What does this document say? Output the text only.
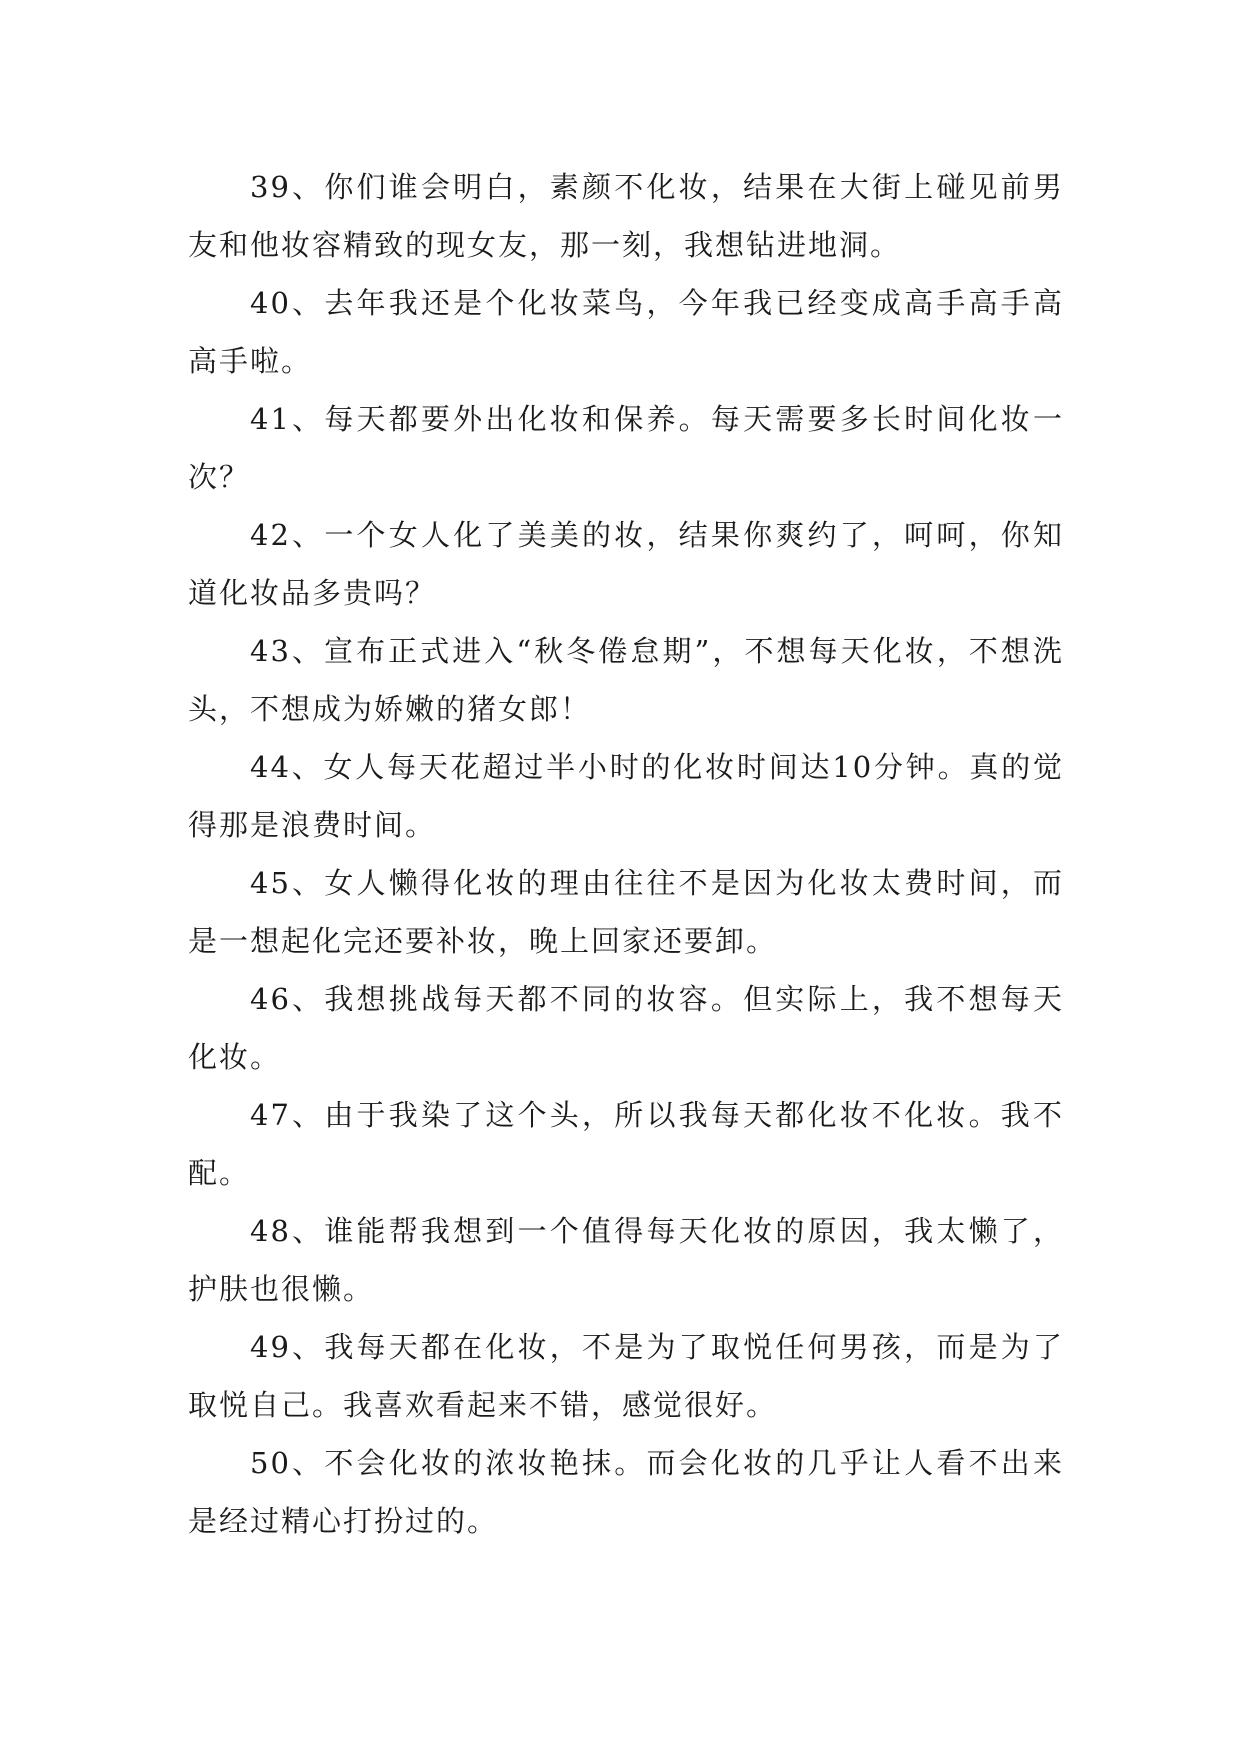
39、你们谁会明白，素颜不化妆，结果在大街上碰见前男友和他妆容精致的现女友，那一刻，我想钻进地洞。

40、去年我还是个化妆菜鸟，今年我已经变成高手高手高高手啦。

41、每天都要外出化妆和保养。每天需要多长时间化妆一次？

42、一个女人化了美美的妆，结果你爽约了，呵呵，你知道化妆品多贵吗？

43、宣布正式进入“秋冬倦怠期”，不想每天化妆，不想洗头，不想成为娇嫩的猪女郎！

44、女人每天花超过半小时的化妆时间达10分钟。真的觉得那是浪费时间。

45、女人懒得化妆的理由往往不是因为化妆太费时间，而是一想起化完还要补妆，晚上回家还要卸。

46、我想挑战每天都不同的妆容。但实际上，我不想每天化妆。

47、由于我染了这个头，所以我每天都化妆不化妆。我不配。

48、谁能帮我想到一个值得每天化妆的原因，我太懒了，护肤也很懒。

49、我每天都在化妆，不是为了取悦任何男孩，而是为了取悦自己。我喜欢看起来不错，感觉很好。

50、不会化妆的浓妆艳抹。而会化妆的几乎让人看不出来是经过精心打扮过的。
